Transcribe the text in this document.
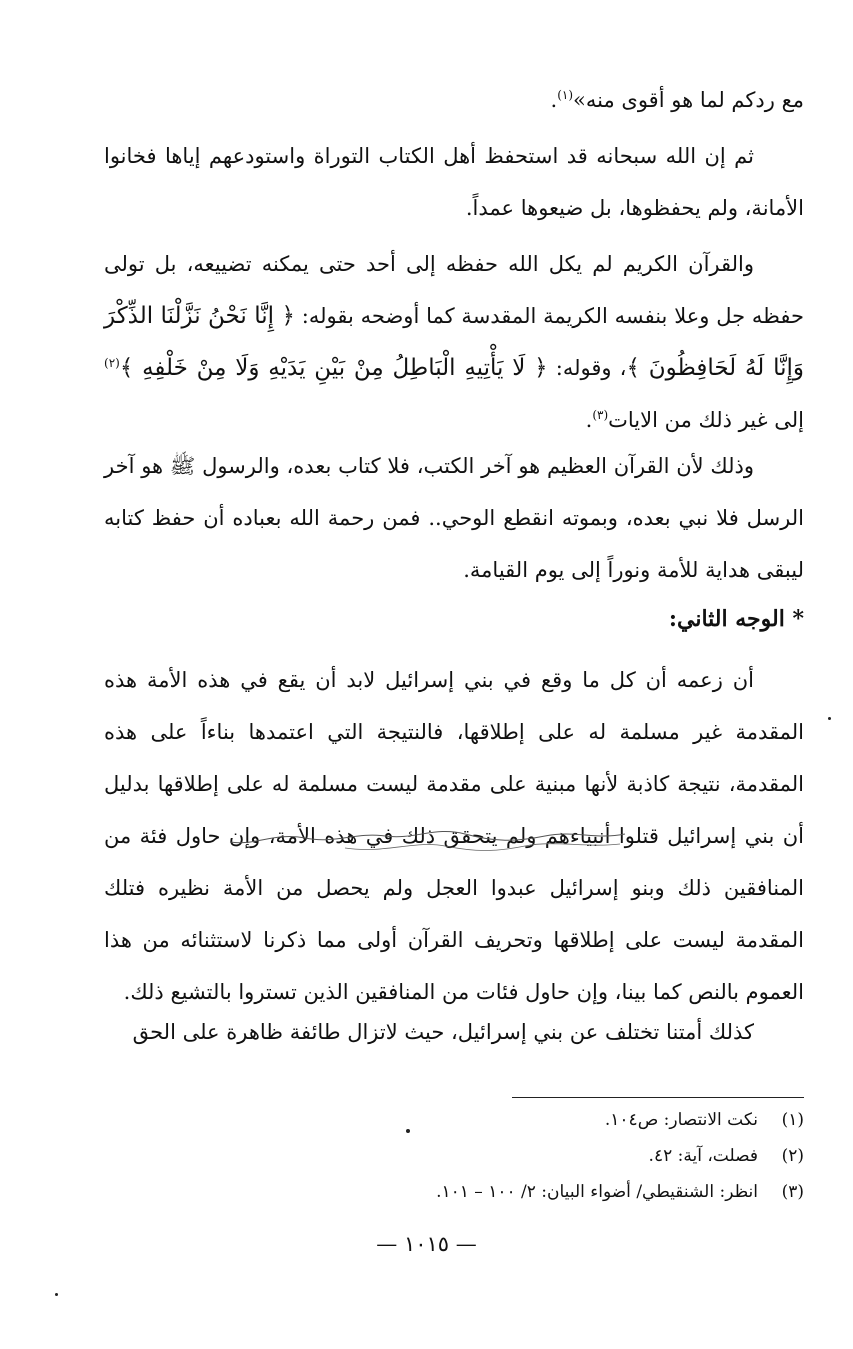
مع ردكم لما هو أقوى منه»$^{(١)}$.

ثم إن الله سبحانه قد استحفظ أهل الكتاب التوراة واستودعهم إياها فخانوا الأمانة، ولم يحفظوها، بل ضيعوها عمداً.

والقرآن الكريم لم يكل الله حفظه إلى أحد حتى يمكنه تضييعه، بل تولى حفظه جل وعلا بنفسه الكريمة المقدسة كما أوضحه بقوله: ﴿ إِنَّا نَحْنُ نَزَّلْنَا الذِّكْرَ وَإِنَّا لَهُ لَحَافِظُونَ ﴾، وقوله: ﴿ لَا يَأْتِيهِ الْبَاطِلُ مِنْ بَيْنِ يَدَيْهِ وَلَا مِنْ خَلْفِهِ ﴾$^{(٢)}$ إلى غير ذلك من الايات$^{(٣)}$.

وذلك لأن القرآن العظيم هو آخر الكتب، فلا كتاب بعده، والرسول ﷺ هو آخر الرسل فلا نبي بعده، وبموته انقطع الوحي.. فمن رحمة الله بعباده أن حفظ كتابه ليبقى هداية للأمة ونوراً إلى يوم القيامة.

* الوجه الثاني:

أن زعمه أن كل ما وقع في بني إسرائيل لابد أن يقع في هذه الأمة هذه المقدمة غير مسلمة له على إطلاقها، فالنتيجة التي اعتمدها بناءاً على هذه المقدمة، نتيجة كاذبة لأنها مبنية على مقدمة ليست مسلمة له على إطلاقها بدليل أن بني إسرائيل قتلوا أنبياءهم ولم يتحقق ذلك في هذه الأمة، وإن حاول فئة من المنافقين ذلك وبنو إسرائيل عبدوا العجل ولم يحصل من الأمة نظيره فتلك المقدمة ليست على إطلاقها وتحريف القرآن أولى مما ذكرنا لاستثنائه من هذا العموم بالنص كما بينا، وإن حاول فئات من المنافقين الذين تستروا بالتشيع ذلك.

كذلك أمتنا تختلف عن بني إسرائيل، حيث لاتزال طائفة ظاهرة على الحق

(١)نكت الانتصار: ص١٠٤.
(٢)فصلت، آية: ٤٢.
(٣)انظر: الشنقيطي/ أضواء البيان: ٢/ ١٠٠ – ١٠١.
— ١٠١٥ —
